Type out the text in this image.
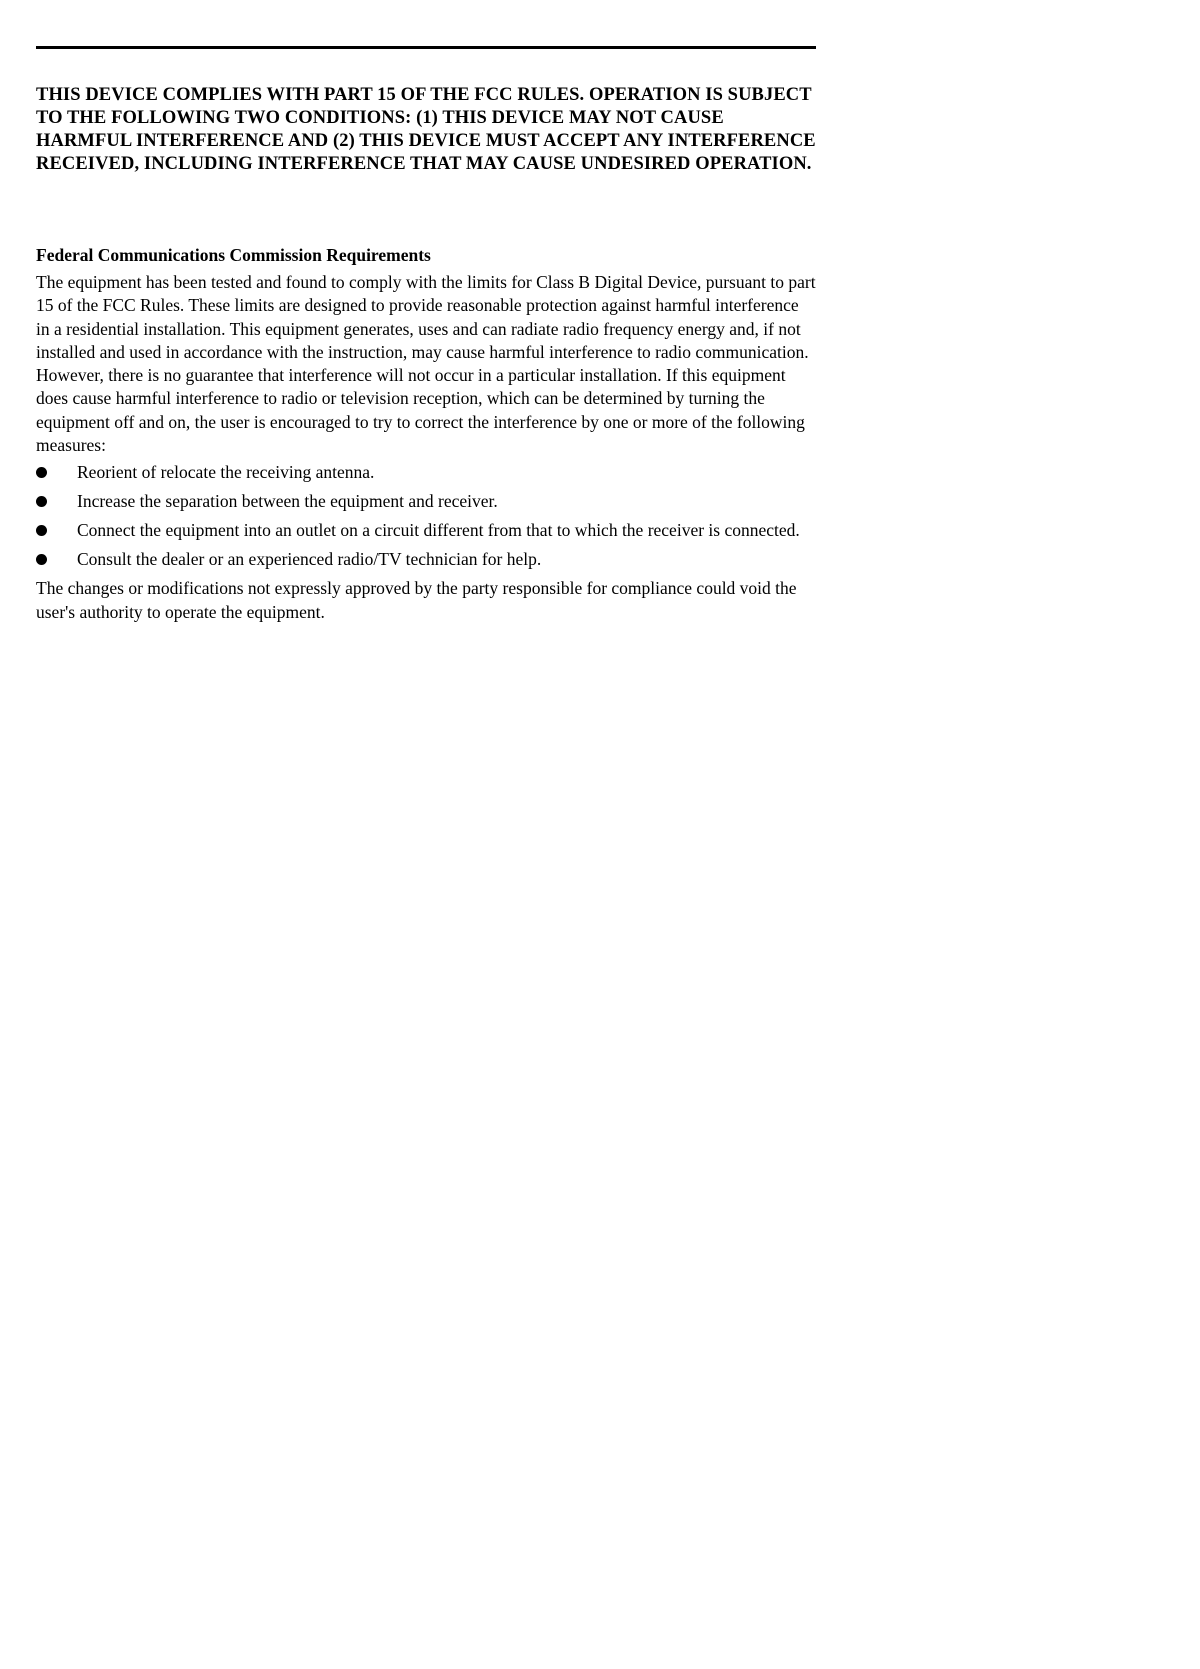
THIS DEVICE COMPLIES WITH PART 15 OF THE FCC RULES. OPERATION IS SUBJECT TO THE FOLLOWING TWO CONDITIONS: (1) THIS DEVICE MAY NOT CAUSE HARMFUL INTERFERENCE AND (2) THIS DEVICE MUST ACCEPT ANY INTERFERENCE RECEIVED, INCLUDING INTERFERENCE THAT MAY CAUSE UNDESIRED OPERATION.

Federal Communications Commission Requirements

The equipment has been tested and found to comply with the limits for Class B Digital Device, pursuant to part 15 of the FCC Rules. These limits are designed to provide reasonable protection against harmful interference in a residential installation. This equipment generates, uses and can radiate radio frequency energy and, if not installed and used in accordance with the instruction, may cause harmful interference to radio communication. However, there is no guarantee that interference will not occur in a particular installation. If this equipment does cause harmful interference to radio or television reception, which can be determined by turning the equipment off and on, the user is encouraged to try to correct the interference by one or more of the following measures:

Reorient of relocate the receiving antenna.
Increase the separation between the equipment and receiver.
Connect the equipment into an outlet on a circuit different from that to which the receiver is connected.
Consult the dealer or an experienced radio/TV technician for help.

The changes or modifications not expressly approved by the party responsible for compliance could void the user's authority to operate the equipment.
